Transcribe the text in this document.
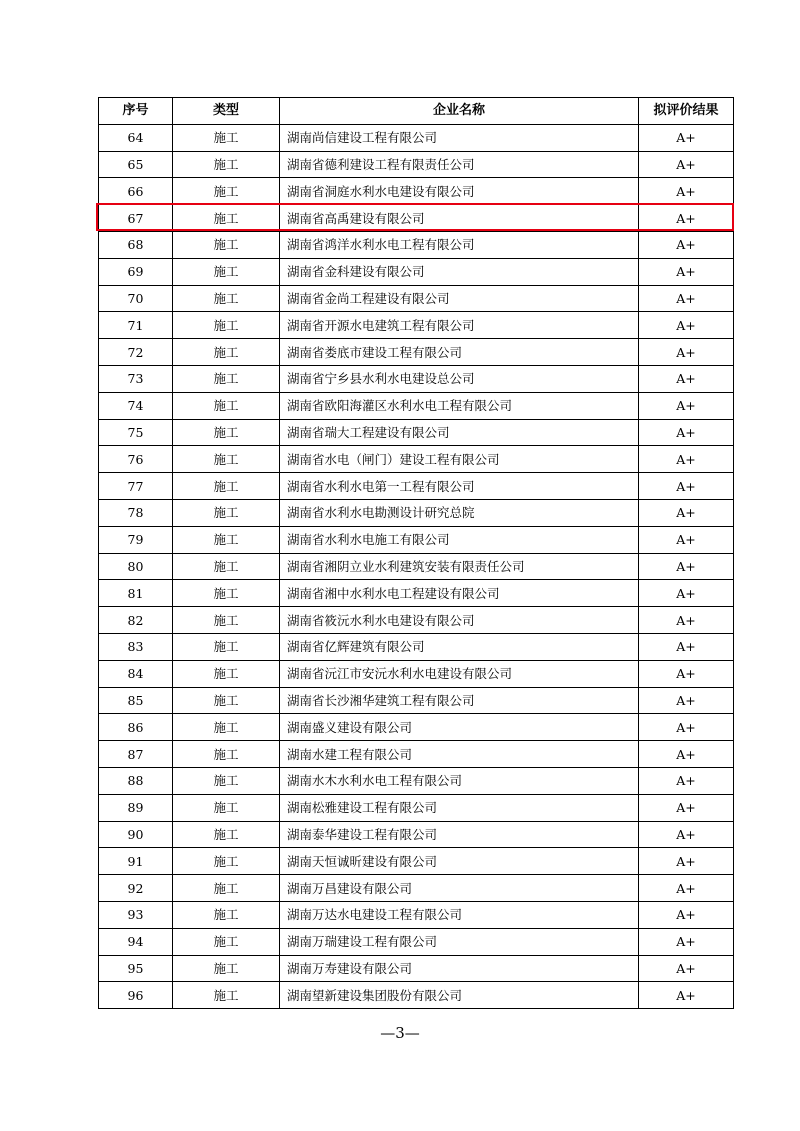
序号	类型	企业名称	拟评价结果
64	施工	湖南尚信建设工程有限公司	A+
65	施工	湖南省德利建设工程有限责任公司	A+
66	施工	湖南省洞庭水利水电建设有限公司	A+
67	施工	湖南省高禹建设有限公司	A+
68	施工	湖南省鸿洋水利水电工程有限公司	A+
69	施工	湖南省金科建设有限公司	A+
70	施工	湖南省金尚工程建设有限公司	A+
71	施工	湖南省开源水电建筑工程有限公司	A+
72	施工	湖南省娄底市建设工程有限公司	A+
73	施工	湖南省宁乡县水利水电建设总公司	A+
74	施工	湖南省欧阳海灌区水利水电工程有限公司	A+
75	施工	湖南省瑞大工程建设有限公司	A+
76	施工	湖南省水电（闸门）建设工程有限公司	A+
77	施工	湖南省水利水电第一工程有限公司	A+
78	施工	湖南省水利水电勘测设计研究总院	A+
79	施工	湖南省水利水电施工有限公司	A+
80	施工	湖南省湘阴立业水利建筑安装有限责任公司	A+
81	施工	湖南省湘中水利水电工程建设有限公司	A+
82	施工	湖南省筱沅水利水电建设有限公司	A+
83	施工	湖南省亿辉建筑有限公司	A+
84	施工	湖南省沅江市安沅水利水电建设有限公司	A+
85	施工	湖南省长沙湘华建筑工程有限公司	A+
86	施工	湖南盛义建设有限公司	A+
87	施工	湖南水建工程有限公司	A+
88	施工	湖南水木水利水电工程有限公司	A+
89	施工	湖南松雅建设工程有限公司	A+
90	施工	湖南泰华建设工程有限公司	A+
91	施工	湖南天恒诚昕建设有限公司	A+
92	施工	湖南万昌建设有限公司	A+
93	施工	湖南万达水电建设工程有限公司	A+
94	施工	湖南万瑞建设工程有限公司	A+
95	施工	湖南万寿建设有限公司	A+
96	施工	湖南望新建设集团股份有限公司	A+
—3—
